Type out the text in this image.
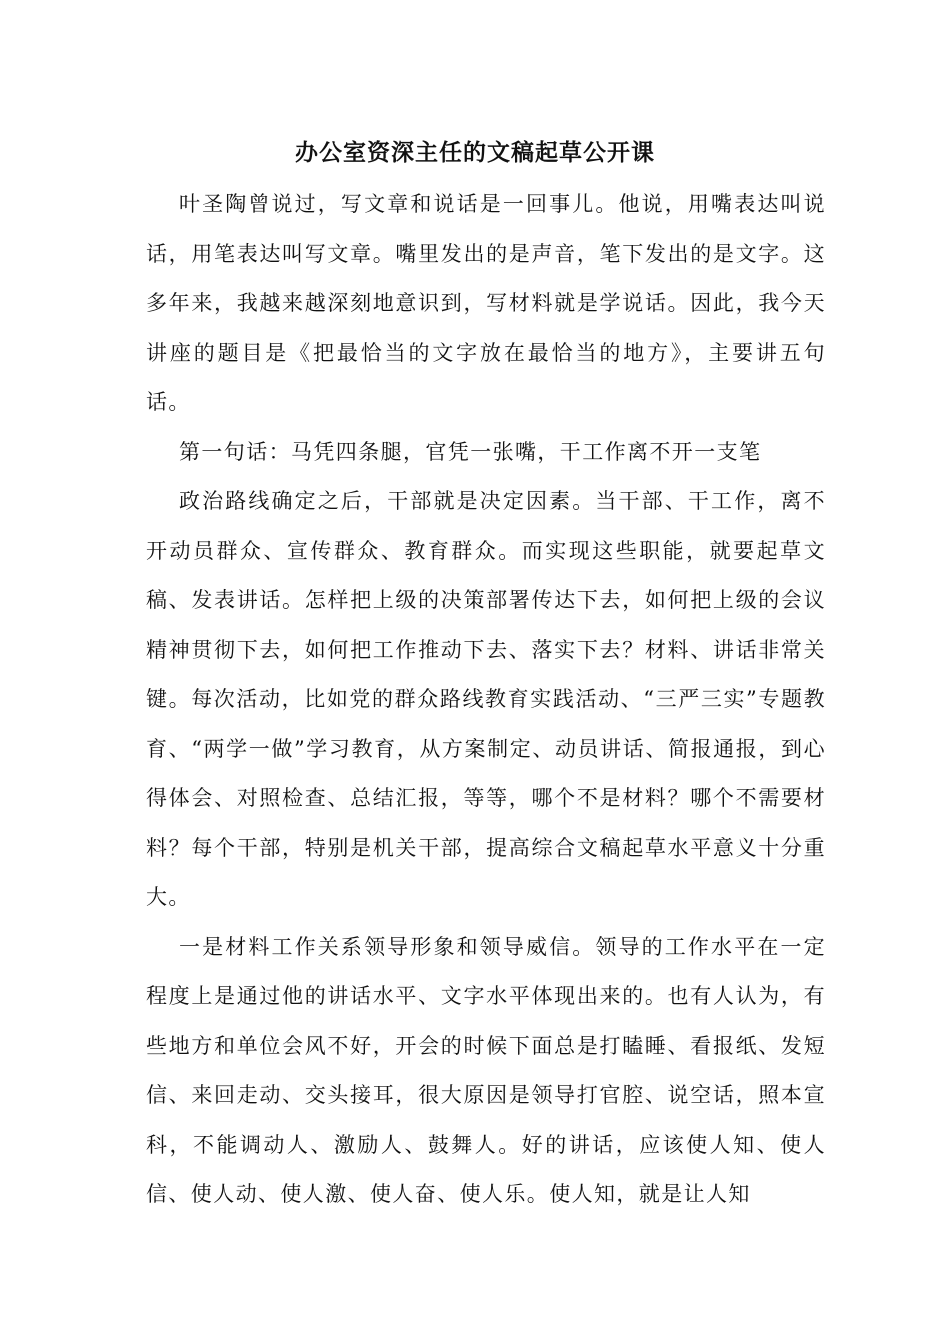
办公室资深主任的文稿起草公开课

叶圣陶曾说过，写文章和说话是一回事儿。他说，用嘴表达叫说话，用笔表达叫写文章。嘴里发出的是声音，笔下发出的是文字。这多年来，我越来越深刻地意识到，写材料就是学说话。因此，我今天讲座的题目是《把最恰当的文字放在最恰当的地方》，主要讲五句话。

第一句话：马凭四条腿，官凭一张嘴，干工作离不开一支笔

政治路线确定之后，干部就是决定因素。当干部、干工作，离不开动员群众、宣传群众、教育群众。而实现这些职能，就要起草文稿、发表讲话。怎样把上级的决策部署传达下去，如何把上级的会议精神贯彻下去，如何把工作推动下去、落实下去？材料、讲话非常关键。每次活动，比如党的群众路线教育实践活动、“三严三实”专题教育、“两学一做”学习教育，从方案制定、动员讲话、简报通报，到心得体会、对照检查、总结汇报，等等，哪个不是材料？哪个不需要材料？每个干部，特别是机关干部，提高综合文稿起草水平意义十分重大。

一是材料工作关系领导形象和领导威信。领导的工作水平在一定程度上是通过他的讲话水平、文字水平体现出来的。也有人认为，有些地方和单位会风不好，开会的时候下面总是打瞌睡、看报纸、发短信、来回走动、交头接耳，很大原因是领导打官腔、说空话，照本宣科，不能调动人、激励人、鼓舞人。好的讲话，应该使人知、使人信、使人动、使人激、使人奋、使人乐。使人知，就是让人知
